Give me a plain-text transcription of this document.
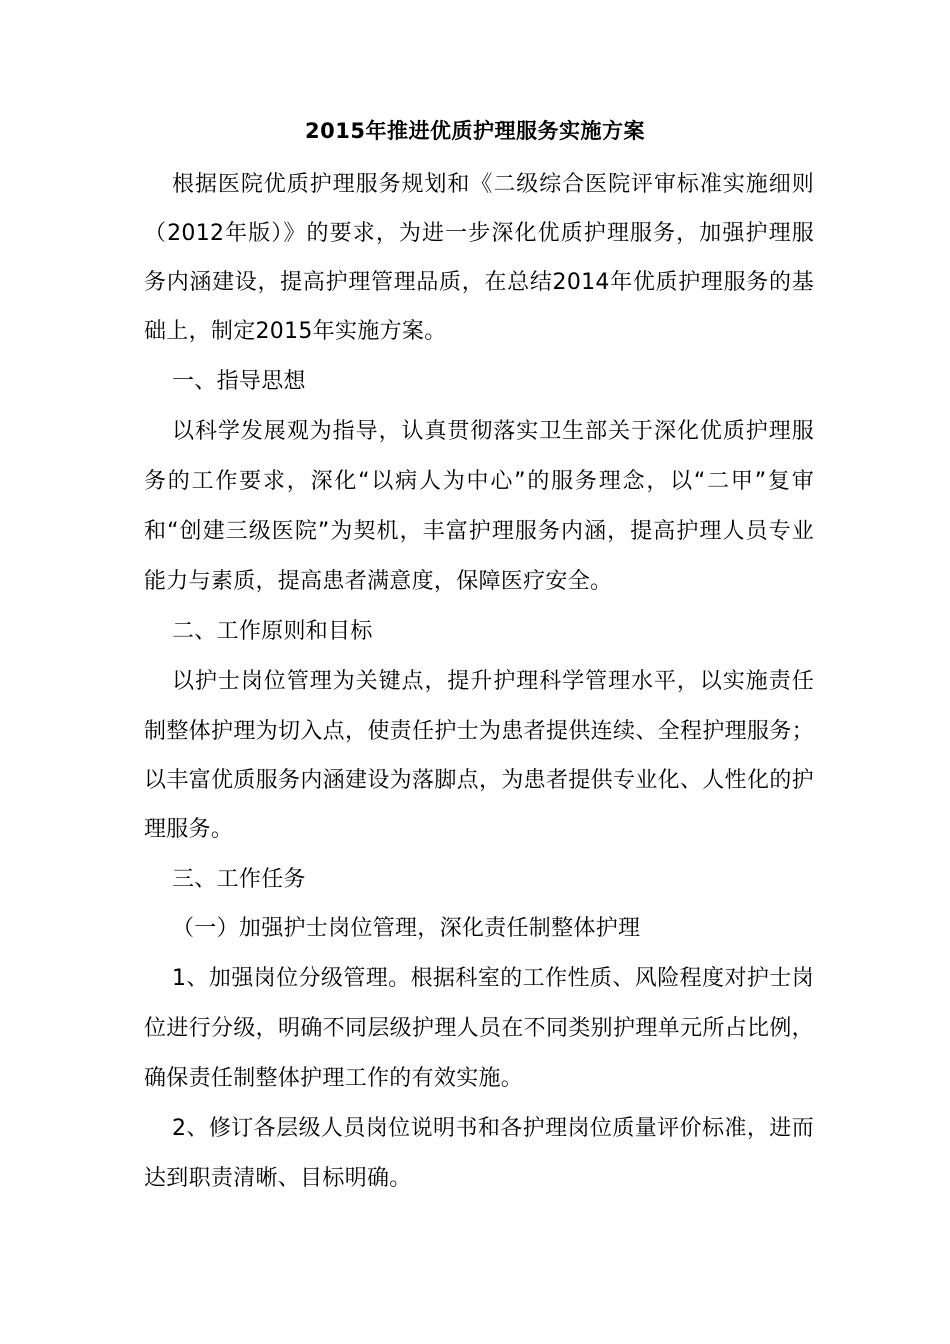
2015年推进优质护理服务实施方案
根据医院优质护理服务规划和《二级综合医院评审标准实施细则
（2012年版）》的要求，为进一步深化优质护理服务，加强护理服
务内涵建设，提高护理管理品质，在总结2014年优质护理服务的基
础上，制定2015年实施方案。
一、指导思想
以科学发展观为指导，认真贯彻落实卫生部关于深化优质护理服
务的工作要求，深化“以病人为中心”的服务理念，以“二甲”复审
和“创建三级医院”为契机，丰富护理服务内涵，提高护理人员专业
能力与素质，提高患者满意度，保障医疗安全。
二、工作原则和目标
以护士岗位管理为关键点，提升护理科学管理水平，以实施责任
制整体护理为切入点，使责任护士为患者提供连续、全程护理服务；
以丰富优质服务内涵建设为落脚点，为患者提供专业化、人性化的护
理服务。
三、工作任务
（一）加强护士岗位管理，深化责任制整体护理
1、加强岗位分级管理。根据科室的工作性质、风险程度对护士岗
位进行分级，明确不同层级护理人员在不同类别护理单元所占比例，
确保责任制整体护理工作的有效实施。
2、修订各层级人员岗位说明书和各护理岗位质量评价标准，进而
达到职责清晰、目标明确。
